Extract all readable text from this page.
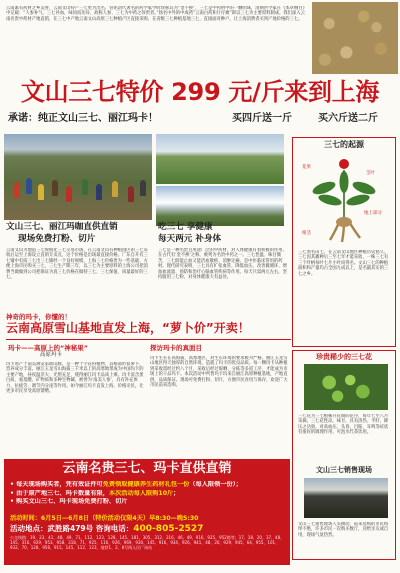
云南素有药材之乡美誉，云南文山特产三七更为出名，管铭清代著名的药学家学时珍称其为“金不换”，三七是中药材中的一颗明珠，清朝医学家在《本草纲目》中记载：“人参补气，三七补血，味同而功异，故称人参、三七为中药之珍贵者。”扬名中外的中成药“云南白药和片仔癀”即以三七为主要原料制成。我们深入云南名贵中药材产地直销，在三七中产地云南文山高原三七种植产区直接采购，在省级三七种植基地三七，直接面对种户，让上海消费者买到产地价格的三七。
文山三七特价 299 元/斤来到上海
承诺：纯正文山三七、丽江玛卡！	买四斤送一斤	买六斤送二斤
文山三七、丽江玛咖直供直销
现场免费打粉、切片
云南文山为地道三七规模化三七交易市场，在云南文山有种植园区的三七采收后运至上海设立直销专卖点，这个价格是出场最直接价格。广东自开有三七铺中有质三七出三七铺经一个良好规模，上海三七价格贵为一些基础，方便上海市民购买三七，三七生产期三年，以三七为主要原料的上海公司把消费当做做到公司把保证为真三七价格在做特三七，三七保值、质量最好的三七。
吃三七 享健康
每天两元 补身体
三七是一种名贵且用途广泛的中药材，对人体健康有着积极的作用。在古代有‘金不换’之称，被列为名贵中药之一。三七性温、味甘微苦，三七既能止血又能活血散瘀、消肿定痛，是中医临床常用的药材。现代研究表明，三七具有扩张血管、降低血压、改善微循环、增加血流量、预防和治疗心脑血管疾病等作用。每天只需两元左右，坚持服用三七粉，对身体健康大有益处。
三七的起源
花果
茎叶
地上部分
根茎
三七原名田七，在云南文山地区种植历史悠久。三七因其播种后三至七年才能采收、一株三七有三个叶柄每叶七片小叶而得名。文山三七的种植面积和产量均占全国九成以上，是名副其实的三七之乡。
神奇的玛卡，你懂的！
云南高原雪山基地直发上海，“萝卜价”开卖！
玛卡——高原上的“神秘果”
高原玛卡
玛卡原产于南美洲安第斯山脉，是一种十字花科植物，其根部形似萝卜，营养成分丰富。丽江玉龙雪山海拔三千米以上的高寒地带成为中国玛卡的主要产地，昼夜温差大、光照充足，使得丽江玛卡品质上乘。玛卡富含蛋白质、氨基酸、矿物质和多种生物碱，被誉为‘南美人参’，具有补充体力、抗疲劳、调节内分泌等作用。如今丽江玛卡直发上海，价格亲民，让更多市民享受高原馈赠。
探访玛卡的真面目
玛卡生长在高海拔、高寒地区，对生长环境的要求极为严格。丽江玉龙雪山地区得天独厚的自然环境，造就了玛卡的优良品质。每一颗玛卡从种植到采收需经过约八个月，采收后经过晾晒、分拣等多道工序，才能成为市场上的干品玛卡。本次活动中所售玛卡均来自丽江高原种植基地，产地直供，品质保证。现场可免费打粉、切片，方便市民食用与保存，欢迎广大市民前来选购。
珍贵稀少的三七花
三七花为三七植株开花期的花序，每年七至八月采摘。三七花性凉，味甘，具有清热、平肝、降压之功效，对高血压、头昏、目眩、耳鸣等症状有很好的调理作用，可泡水代茶饮用。
文山三七销售现场
文山三七销售现场人头攒动，前来选购的市民络绎不绝，许多市民一次购买数斤，送给亲友或自用，现场气氛热烈。
云南名贵三七、玛卡直供直销
• 每天现场购买者，凭有效证件可免费领取健康养生药材礼包一份（每人限领一份）；
• 由于原产地三七、玛卡数量有限，本次活动每人限购10斤；
• 购买文山三七、玛卡现场免费打粉、切片
活动时间：6月5日—6月8日（特价活动仅限4天）早8:30—晚5:30
活动地点：武胜路479号 咨询电话：400-805-2527
公交线路：19、23、41、48、49、71、112、123、128、145、181、305、312、316、46、49、916、925、952路等；17、18、20、37、48、145、316、929、953、958、318、71、925、116、926、969、930、145、916、934、926、941、48、20、929、945、64、955、101、932、70、128、956、915、145、112、123、地铁1、2、8号线人民广场站
